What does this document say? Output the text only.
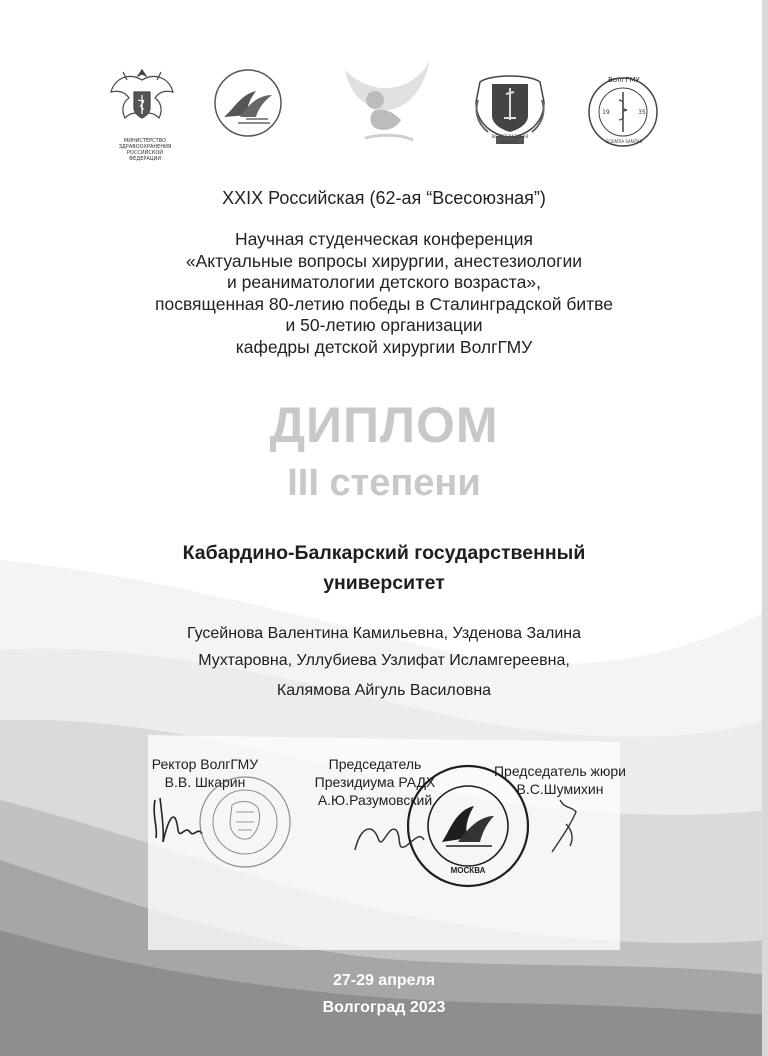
МИНИСТЕРСТВО ЗДРАВООХРАНЕНИЯ РОССИЙСКОЙ ФЕДЕРАЦИИ
ВОЛГОГРАДСКАЯ ОБЛАСТЬ
ВолгГМУ
19	35
SCIENTIA SANITAS
XXIX Российская (62-ая “Всесоюзная”)
Научная студенческая конференция
«Актуальные вопросы хирургии, анестезиологии
и реаниматологии детского возраста»,
посвященная 80-летию победы в Сталинградской битве
и 50-летию организации
кафедры детской хирургии ВолгГМУ
ДИПЛОМ
III степени
Кабардино-Балкарский государственный
университет
Гусейнова Валентина Камильевна, Узденова Залина
Мухтаровна, Уллубиева Узлифат Исламгереевна,
Калямова Айгуль Василовна
Ректор ВолгГМУ
В.В. Шкарин
Председатель
Президиума РАДХ
А.Ю.Разумовский
Председатель жюри
В.С.Шумихин
МОСКВА
27-29 апреля
Волгоград 2023
